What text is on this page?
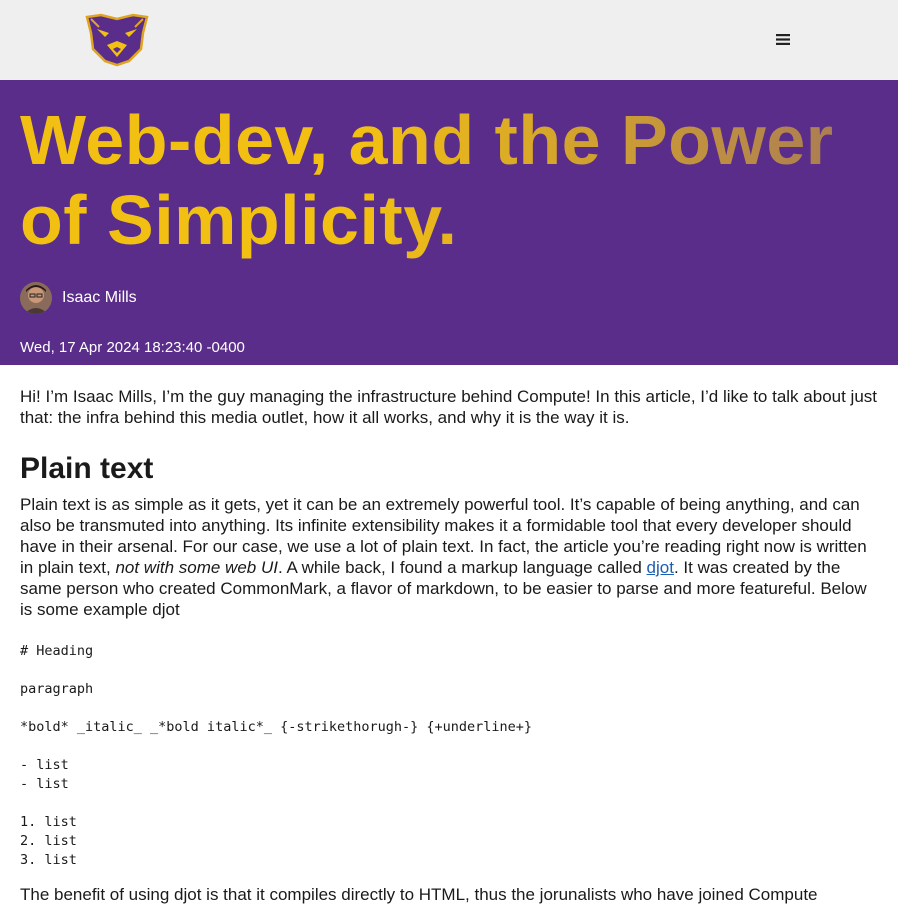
Web-dev, and the Power of Simplicity.
Isaac Mills
Wed, 17 Apr 2024 18:23:40 -0400

Hi! I’m Isaac Mills, I’m the guy managing the infrastructure behind Compute! In this article, I’d like to talk about just that: the infra behind this media outlet, how it all works, and why it is the way it is.

Plain text

Plain text is as simple as it gets, yet it can be an extremely powerful tool. It’s capable of being anything, and can also be transmuted into anything. Its infinite extensibility makes it a formidable tool that every developer should have in their arsenal. For our case, we use a lot of plain text. In fact, the article you’re reading right now is written in plain text, not with some web UI. A while back, I found a markup language called djot. It was created by the same person who created CommonMark, a flavor of markdown, to be easier to parse and more featureful. Below is some example djot

# Heading

paragraph

*bold* _italic_ _*bold italic*_ {-strikethorugh-} {+underline+}

- list
- list

1. list
2. list
3. list

The benefit of using djot is that it compiles directly to HTML, thus the jorunalists who have joined Compute
